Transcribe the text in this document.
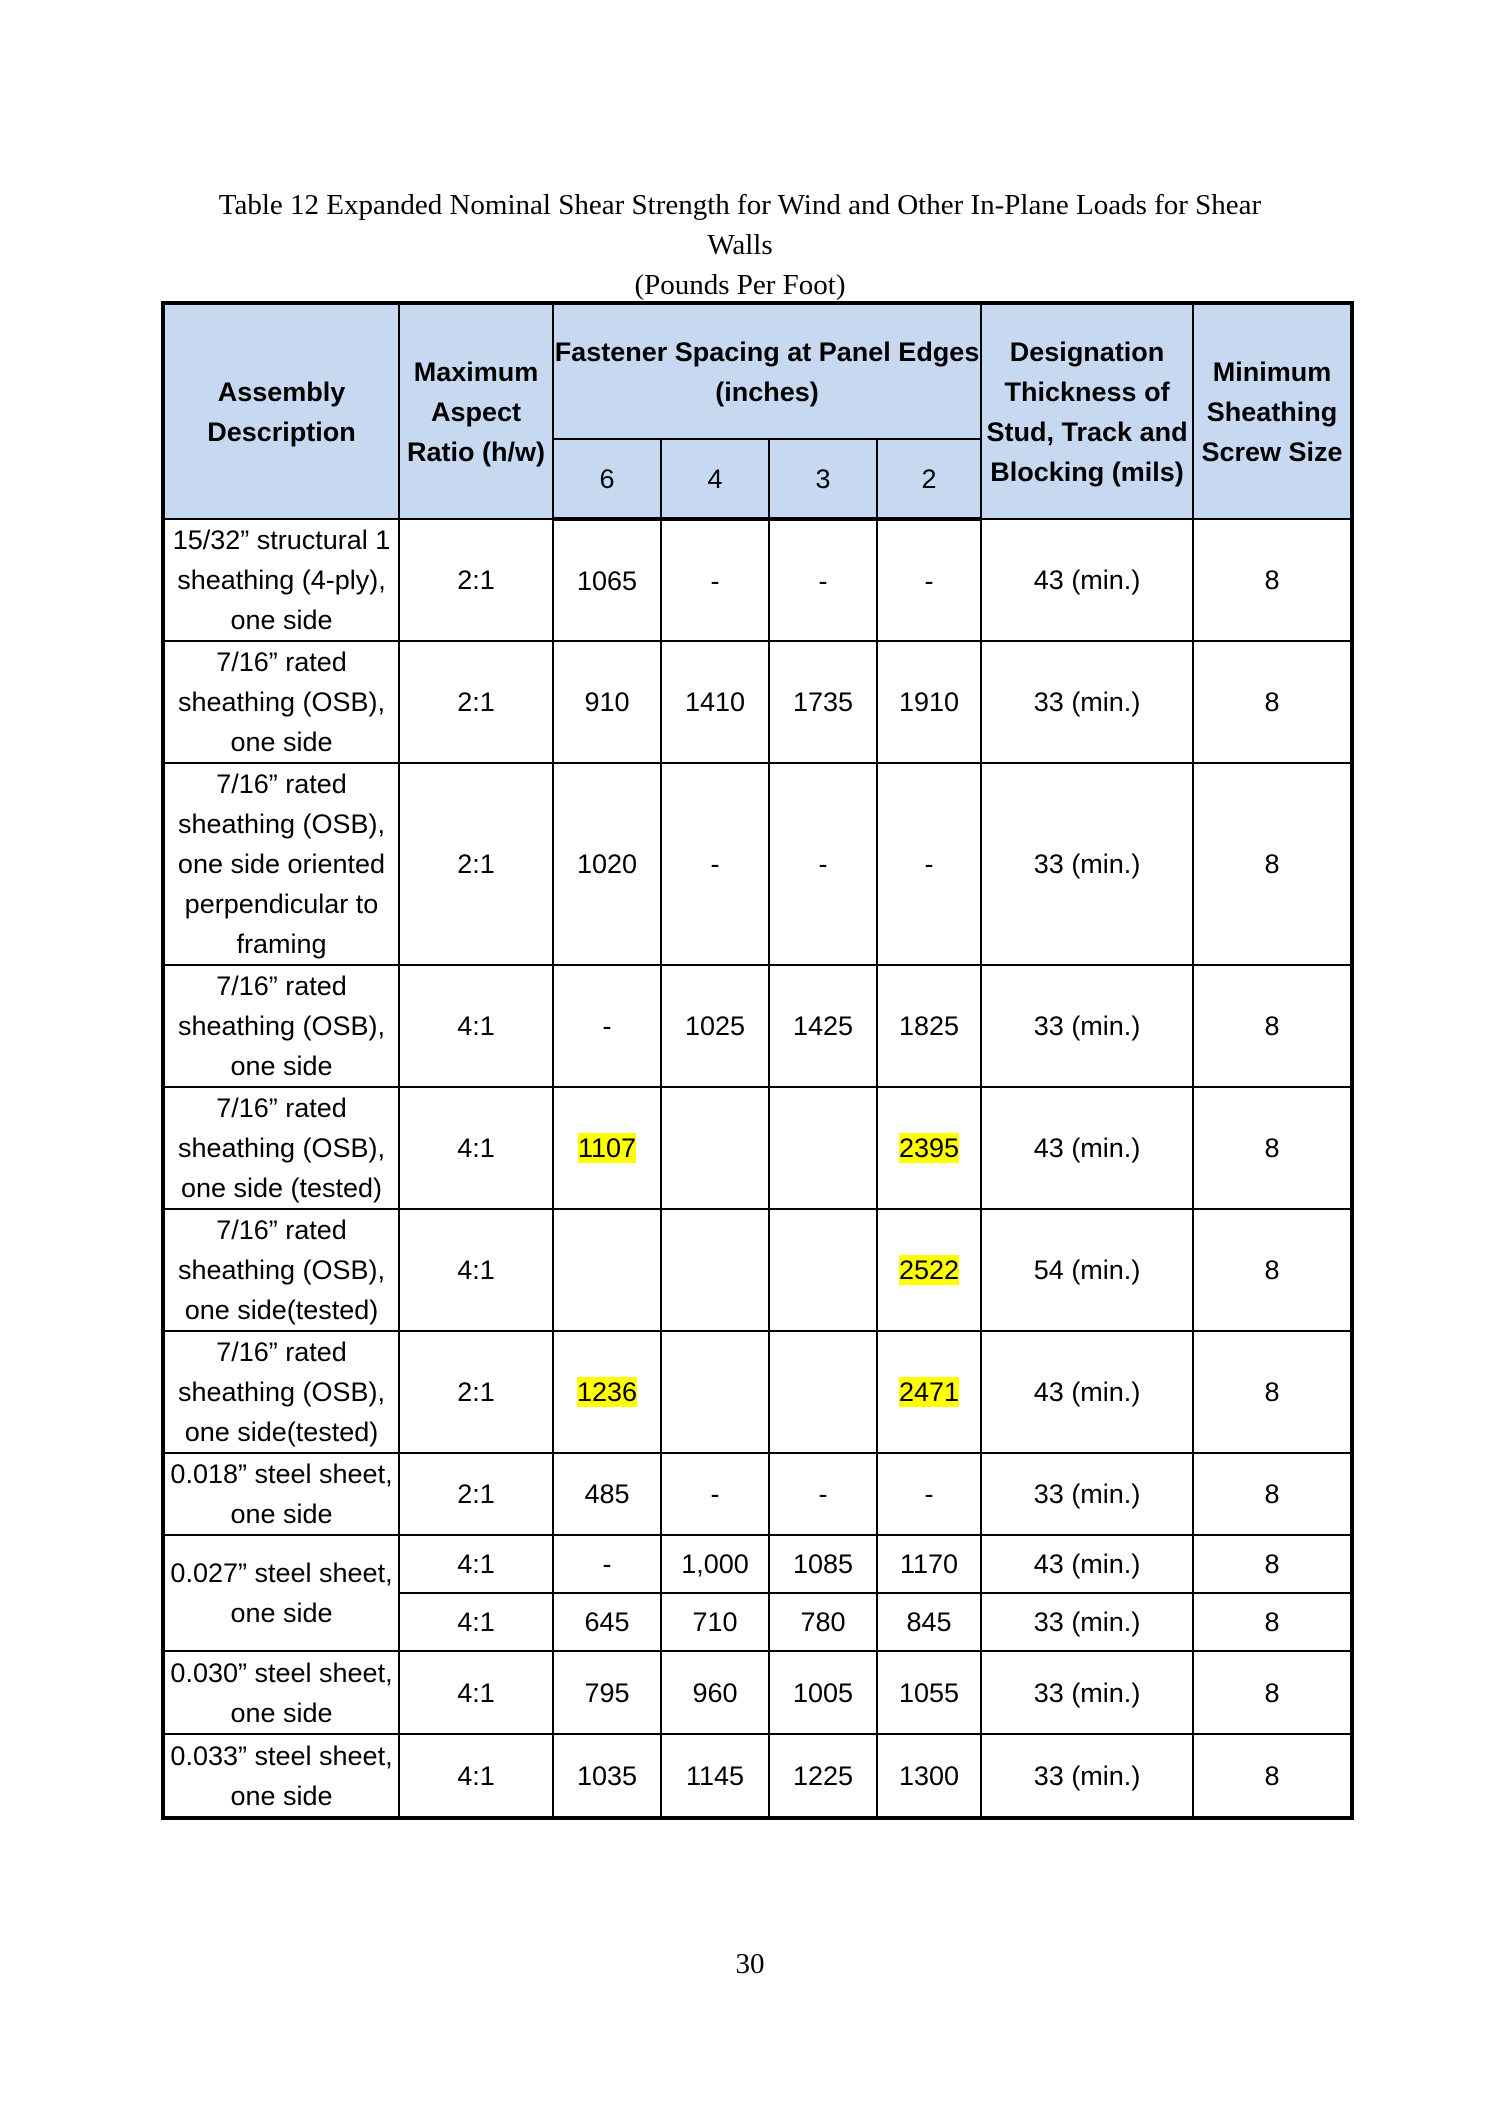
Table 12 Expanded Nominal Shear Strength for Wind and Other In-Plane Loads for Shear
Walls
(Pounds Per Foot)
Assembly Description	Maximum Aspect Ratio (h/w)	Fastener Spacing at Panel Edges (inches)				Designation Thickness of Stud, Track and Blocking (mils)	Minimum Sheathing Screw Size
		6	4	3	2		
15/32” structural 1 sheathing (4-ply), one side	2:1	1065	-	-	-	43 (min.)	8
7/16” rated sheathing (OSB), one side	2:1	910	1410	1735	1910	33 (min.)	8
7/16” rated sheathing (OSB), one side oriented perpendicular to framing	2:1	1020	-	-	-	33 (min.)	8
7/16” rated sheathing (OSB), one side	4:1	-	1025	1425	1825	33 (min.)	8
7/16” rated sheathing (OSB), one side (tested)	4:1	1107			2395	43 (min.)	8
7/16” rated sheathing (OSB), one side(tested)	4:1				2522	54 (min.)	8
7/16” rated sheathing (OSB), one side(tested)	2:1	1236			2471	43 (min.)	8
0.018” steel sheet, one side	2:1	485	-	-	-	33 (min.)	8
0.027” steel sheet, one side	4:1	-	1,000	1085	1170	43 (min.)	8
	4:1	645	710	780	845	33 (min.)	8
0.030” steel sheet, one side	4:1	795	960	1005	1055	33 (min.)	8
0.033” steel sheet, one side	4:1	1035	1145	1225	1300	33 (min.)	8
30
